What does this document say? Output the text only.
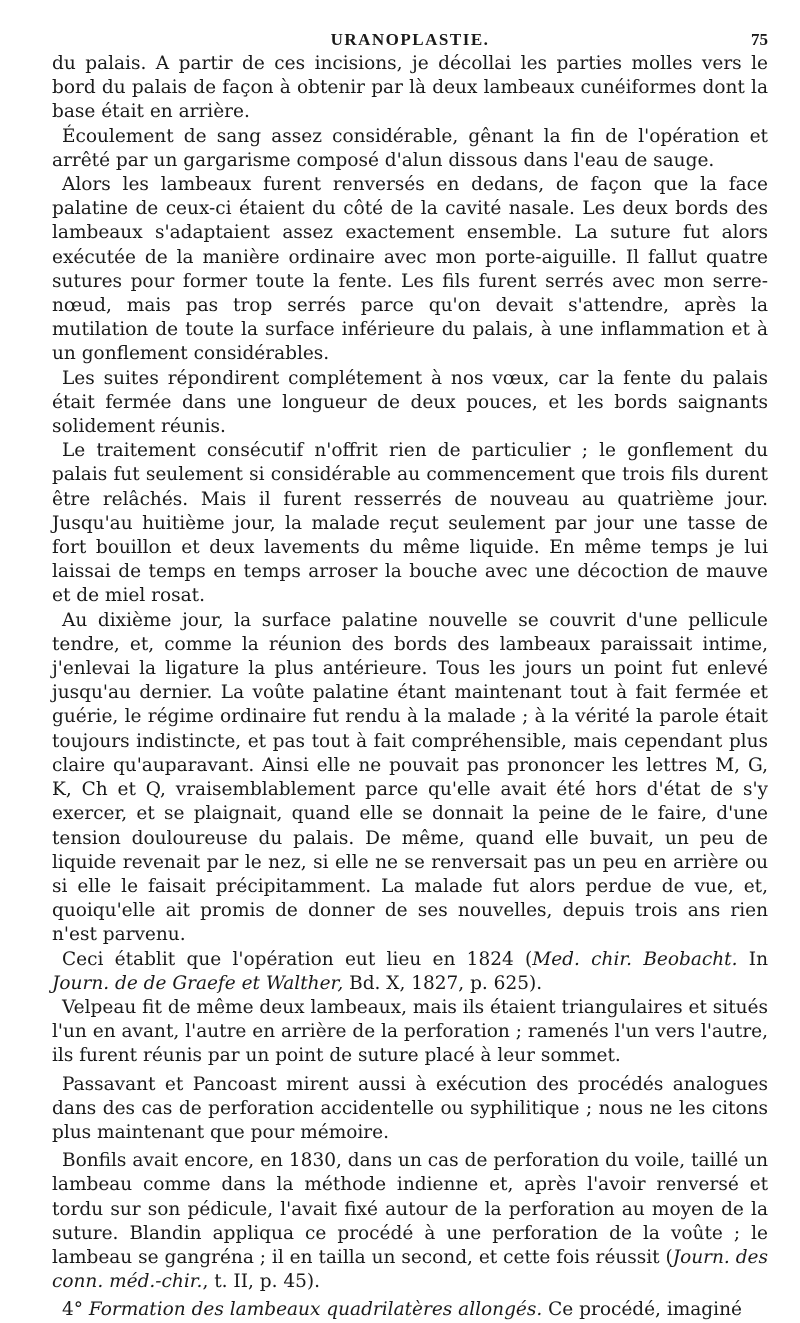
URANOPLASTIE.	75

du palais. A partir de ces incisions, je décollai les parties molles vers le bord du palais de façon à obtenir par là deux lambeaux cunéiformes dont la base était en arrière.

Écoulement de sang assez considérable, gênant la fin de l'opération et arrêté par un gargarisme composé d'alun dissous dans l'eau de sauge.

Alors les lambeaux furent renversés en dedans, de façon que la face palatine de ceux-ci étaient du côté de la cavité nasale. Les deux bords des lambeaux s'adaptaient assez exactement ensemble. La suture fut alors exécutée de la manière ordinaire avec mon porte-aiguille. Il fallut quatre sutures pour former toute la fente. Les fils furent serrés avec mon serre-nœud, mais pas trop serrés parce qu'on devait s'attendre, après la mutilation de toute la surface inférieure du palais, à une inflammation et à un gonflement considérables.

Les suites répondirent complétement à nos vœux, car la fente du palais était fermée dans une longueur de deux pouces, et les bords saignants solidement réunis.

Le traitement consécutif n'offrit rien de particulier ; le gonflement du palais fut seulement si considérable au commencement que trois fils durent être relâchés. Mais il furent resserrés de nouveau au quatrième jour. Jusqu'au huitième jour, la malade reçut seulement par jour une tasse de fort bouillon et deux lavements du même liquide. En même temps je lui laissai de temps en temps arroser la bouche avec une décoction de mauve et de miel rosat.

Au dixième jour, la surface palatine nouvelle se couvrit d'une pellicule tendre, et, comme la réunion des bords des lambeaux paraissait intime, j'enlevai la ligature la plus antérieure. Tous les jours un point fut enlevé jusqu'au dernier. La voûte palatine étant maintenant tout à fait fermée et guérie, le régime ordinaire fut rendu à la malade ; à la vérité la parole était toujours indistincte, et pas tout à fait compréhensible, mais cependant plus claire qu'auparavant. Ainsi elle ne pouvait pas prononcer les lettres M, G, K, Ch et Q, vraisemblablement parce qu'elle avait été hors d'état de s'y exercer, et se plaignait, quand elle se donnait la peine de le faire, d'une tension douloureuse du palais. De même, quand elle buvait, un peu de liquide revenait par le nez, si elle ne se renversait pas un peu en arrière ou si elle le faisait précipitamment. La malade fut alors perdue de vue, et, quoiqu'elle ait promis de donner de ses nouvelles, depuis trois ans rien n'est parvenu.

Ceci établit que l'opération eut lieu en 1824 (Med. chir. Beobacht. In Journ. de de Graefe et Walther, Bd. X, 1827, p. 625).

Velpeau fit de même deux lambeaux, mais ils étaient triangulaires et situés l'un en avant, l'autre en arrière de la perforation ; ramenés l'un vers l'autre, ils furent réunis par un point de suture placé à leur sommet.

Passavant et Pancoast mirent aussi à exécution des procédés analogues dans des cas de perforation accidentelle ou syphilitique ; nous ne les citons plus maintenant que pour mémoire.

Bonfils avait encore, en 1830, dans un cas de perforation du voile, taillé un lambeau comme dans la méthode indienne et, après l'avoir renversé et tordu sur son pédicule, l'avait fixé autour de la perforation au moyen de la suture. Blandin appliqua ce procédé à une perforation de la voûte ; le lambeau se gangréna ; il en tailla un second, et cette fois réussit (Journ. des conn. méd.-chir., t. II, p. 45).

4° Formation des lambeaux quadrilatères allongés. Ce procédé, imaginé
